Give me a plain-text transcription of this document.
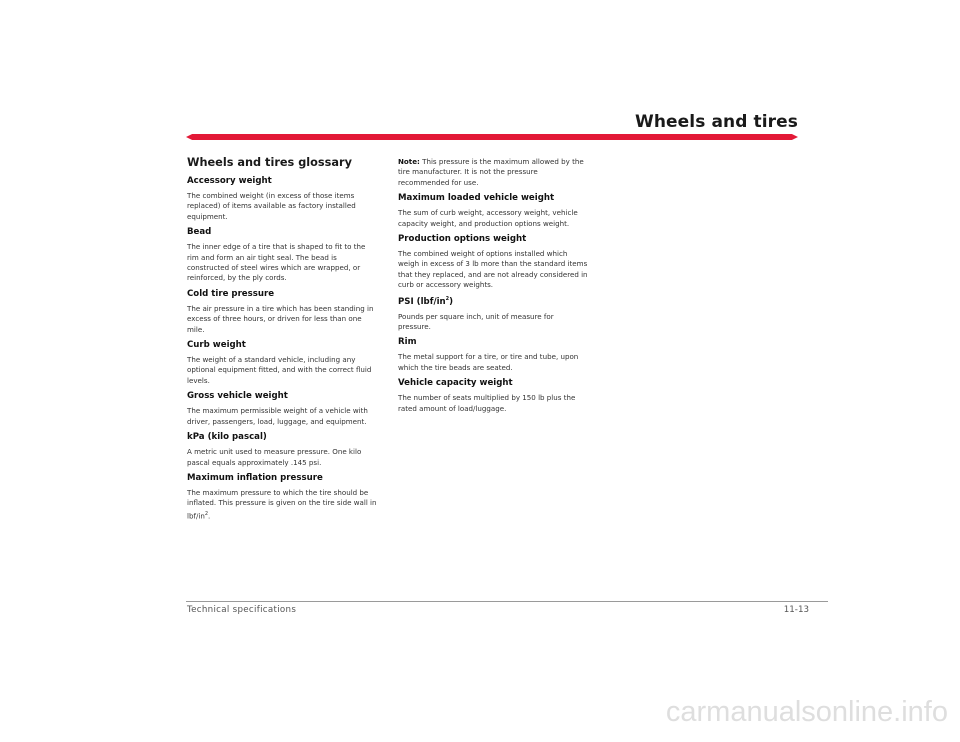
Wheels and tires
Wheels and tires glossary
Accessory weight
The combined weight (in excess of those items replaced) of items available as factory installed equipment.
Bead
The inner edge of a tire that is shaped to fit to the rim and form an air tight seal. The bead is constructed of steel wires which are wrapped, or reinforced, by the ply cords.
Cold tire pressure
The air pressure in a tire which has been standing in excess of three hours, or driven for less than one mile.
Curb weight
The weight of a standard vehicle, including any optional equipment fitted, and with the correct fluid levels.
Gross vehicle weight
The maximum permissible weight of a vehicle with driver, passengers, load, luggage, and equipment.
kPa (kilo pascal)
A metric unit used to measure pressure. One kilo pascal equals approximately .145 psi.
Maximum inflation pressure
The maximum pressure to which the tire should be inflated. This pressure is given on the tire side wall in lbf/$in^2$.
Note: This pressure is the maximum allowed by the tire manufacturer. It is not the pressure recommended for use.
Maximum loaded vehicle weight
The sum of curb weight, accessory weight, vehicle capacity weight, and production options weight.
Production options weight
The combined weight of options installed which weigh in excess of 3 lb more than the standard items that they replaced, and are not already considered in curb or accessory weights.
PSI $(lbf/in^2)$
Pounds per square inch, unit of measure for pressure.
Rim
The metal support for a tire, or tire and tube, upon which the tire beads are seated.
Vehicle capacity weight
The number of seats multiplied by 150 lb plus the rated amount of load/luggage.
Technical specifications	11-13
carmanualsonline.info
